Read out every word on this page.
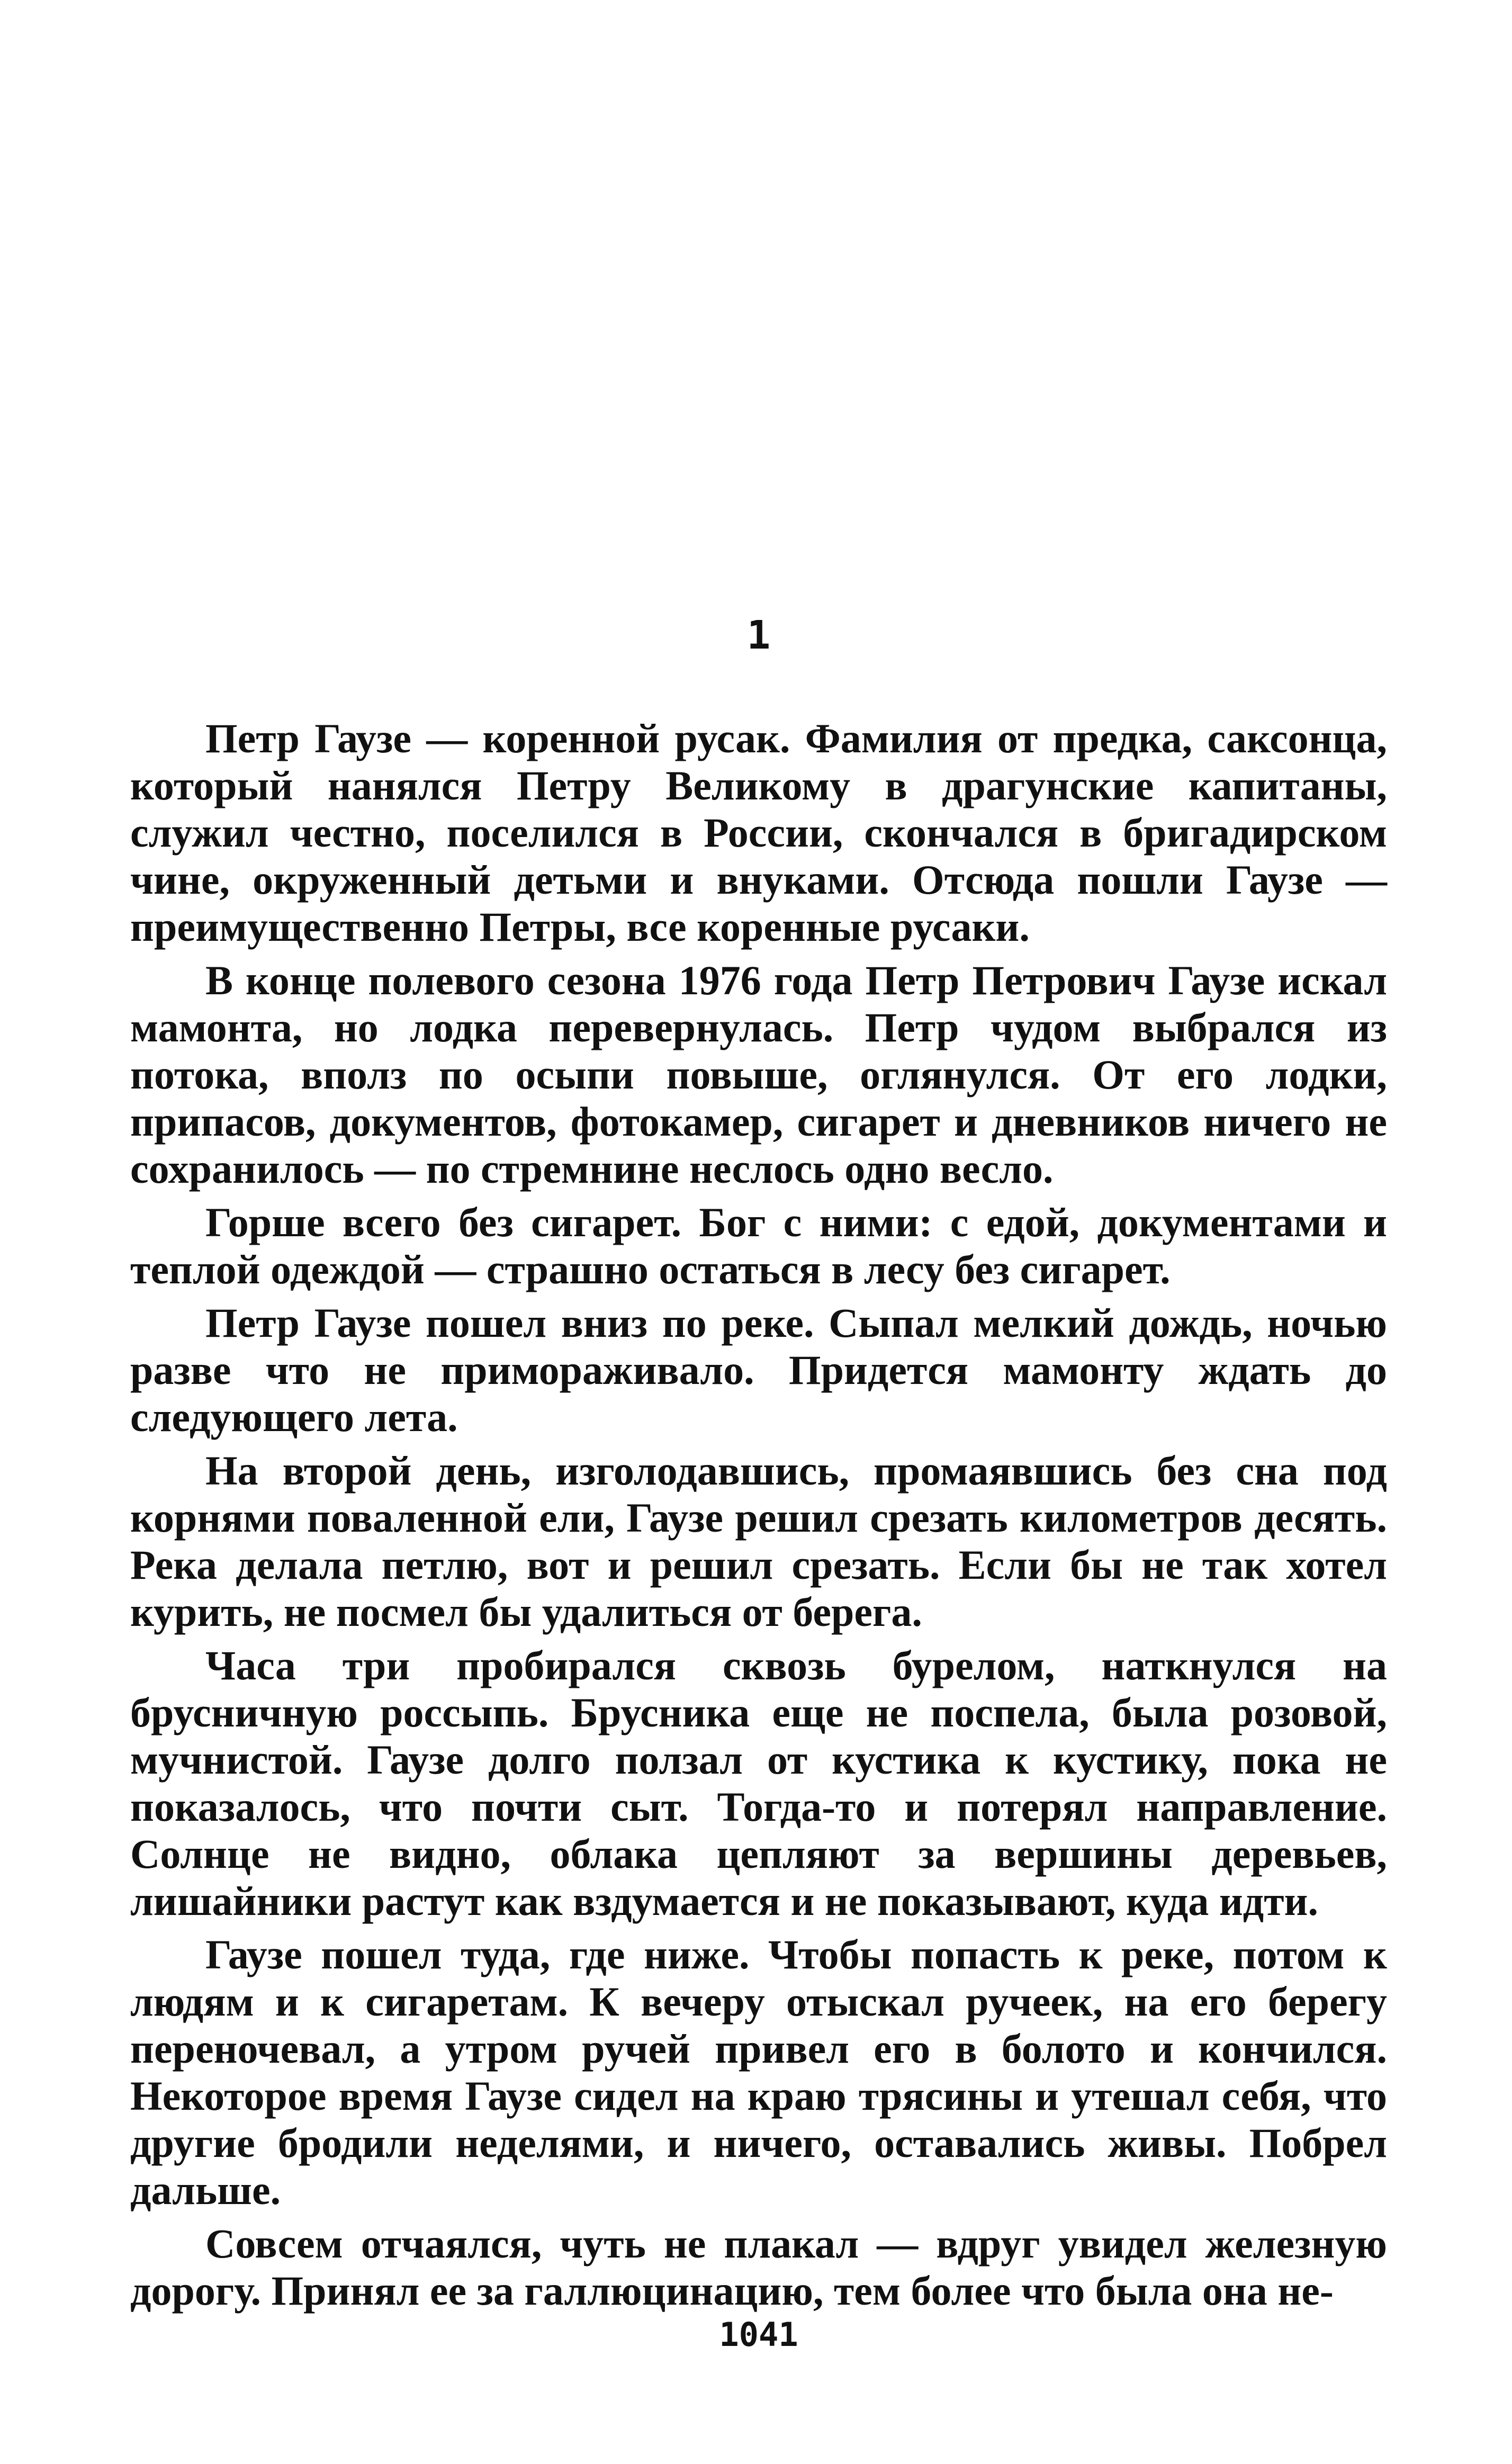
1

Петр Гаузе — коренной русак. Фамилия от предка, саксонца, который нанялся Петру Великому в драгунские капитаны, служил честно, поселился в России, скончался в бригадирском чине, окруженный детьми и внуками. Отсюда пошли Гаузе — преимущественно Петры, все коренные русаки.

В конце полевого сезона 1976 года Петр Петрович Гаузе искал мамонта, но лодка перевернулась. Петр чудом выбрался из потока, вполз по осыпи повыше, оглянулся. От его лодки, припасов, документов, фотокамер, сигарет и дневников ничего не сохранилось — по стремнине неслось одно весло.

Горше всего без сигарет. Бог с ними: с едой, документами и теплой одеждой — страшно остаться в лесу без сигарет.

Петр Гаузе пошел вниз по реке. Сыпал мелкий дождь, ночью разве что не приморaживало. Придется мамонту ждать до следующего лета.

На второй день, изголодавшись, промаявшись без сна под корнями поваленной ели, Гаузе решил срезать километров десять. Река делала петлю, вот и решил срезать. Если бы не так хотел курить, не посмел бы удалиться от берега.

Часа три пробирался сквозь бурелом, наткнулся на брусничную россыпь. Брусника еще не поспела, была розовой, мучнистой. Гаузе долго ползал от кустика к кустику, пока не показалось, что почти сыт. Тогда-то и потерял направление. Солнце не видно, облака цепляют за вершины деревьев, лишайники растут как вздумается и не показывают, куда идти.

Гаузе пошел туда, где ниже. Чтобы попасть к реке, потом к людям и к сигаретам. К вечеру отыскал ручеек, на его берегу переночевал, а утром ручей привел его в болото и кончился. Некоторое время Гаузе сидел на краю трясины и утешал себя, что другие бродили неделями, и ничего, оставались живы. Побрел дальше.

Совсем отчаялся, чуть не плакал — вдруг увидел железную дорогу. Принял ее за галлюцинацию, тем более что была она не-

1041
